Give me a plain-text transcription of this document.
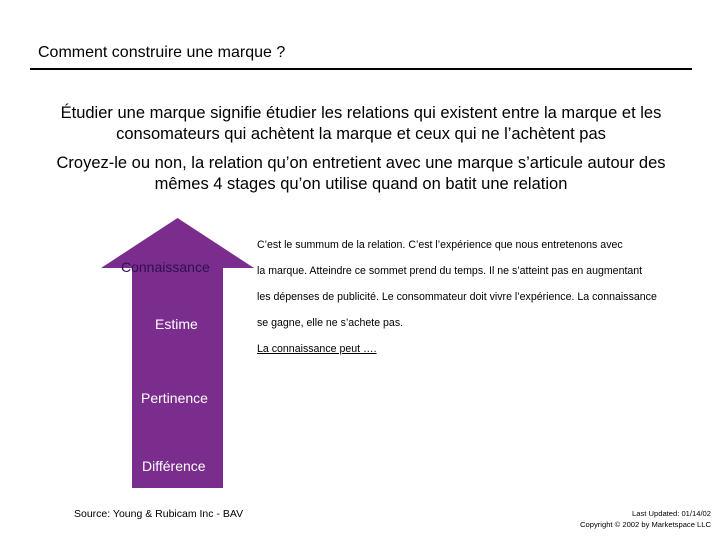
Comment construire une marque ?
Étudier une marque signifie étudier les relations qui existent entre la marque et les consomateurs qui achètent la marque et ceux qui ne l’achètent pas
Croyez-le ou non, la relation qu’on entretient avec une marque s’articule autour des mêmes 4 stages qu’on utilise quand on batit une relation
Connaissance
Estime
Pertinence
Différence
C’est le summum de la relation. C’est l’expérience que nous entretenons avec
la marque. Atteindre ce sommet prend du temps. Il ne s’atteint pas en augmentant
les dépenses de publicité. Le consommateur doit vivre l’expérience. La connaissance
se gagne, elle ne s’achete pas.
La connaissance peut ….
Source: Young & Rubicam Inc - BAV	Last Updated: 01/14/02
Copyright © 2002 by Marketspace LLC
